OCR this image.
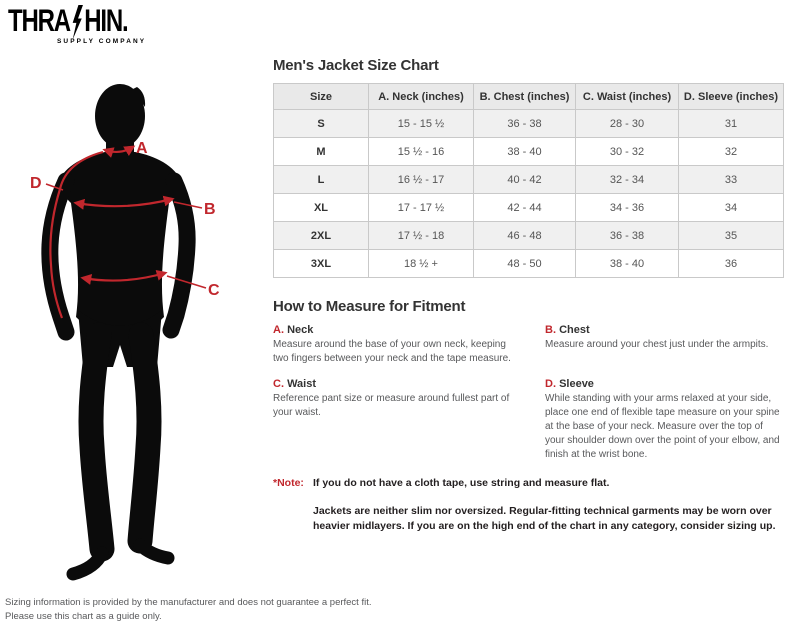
THRA HIN.
SUPPLY COMPANY
A
B
C
D
Men's Jacket Size Chart
Size	A. Neck (inches)	B. Chest (inches)	C. Waist (inches)	D. Sleeve (inches)
S	15 - 15 ½	36 - 38	28 - 30	31
M	15 ½ - 16	38 - 40	30 - 32	32
L	16 ½ - 17	40 - 42	32 - 34	33
XL	17 - 17 ½	42 - 44	34 - 36	34
2XL	17 ½ - 18	46 - 48	36 - 38	35
3XL	18 ½ +	48 - 50	38 - 40	36
How to Measure for Fitment
A. Neck

Measure around the base of your own neck, keeping two fingers between your neck and the tape measure.

B. Chest

Measure around your chest just under the armpits.

C. Waist

Reference pant size or measure around fullest part of your waist.

D. Sleeve

While standing with your arms relaxed at your side, place one end of flexible tape measure on your spine at the base of your neck. Measure over the top of your shoulder down over the point of your elbow, and finish at the wrist bone.

*Note: If you do not have a cloth tape, use string and measure flat.

Jackets are neither slim nor oversized. Regular-fitting technical garments may be worn over heavier midlayers. If you are on the high end of the chart in any category, consider sizing up.

Sizing information is provided by the manufacturer and does not guarantee a perfect fit.

Please use this chart as a guide only.
